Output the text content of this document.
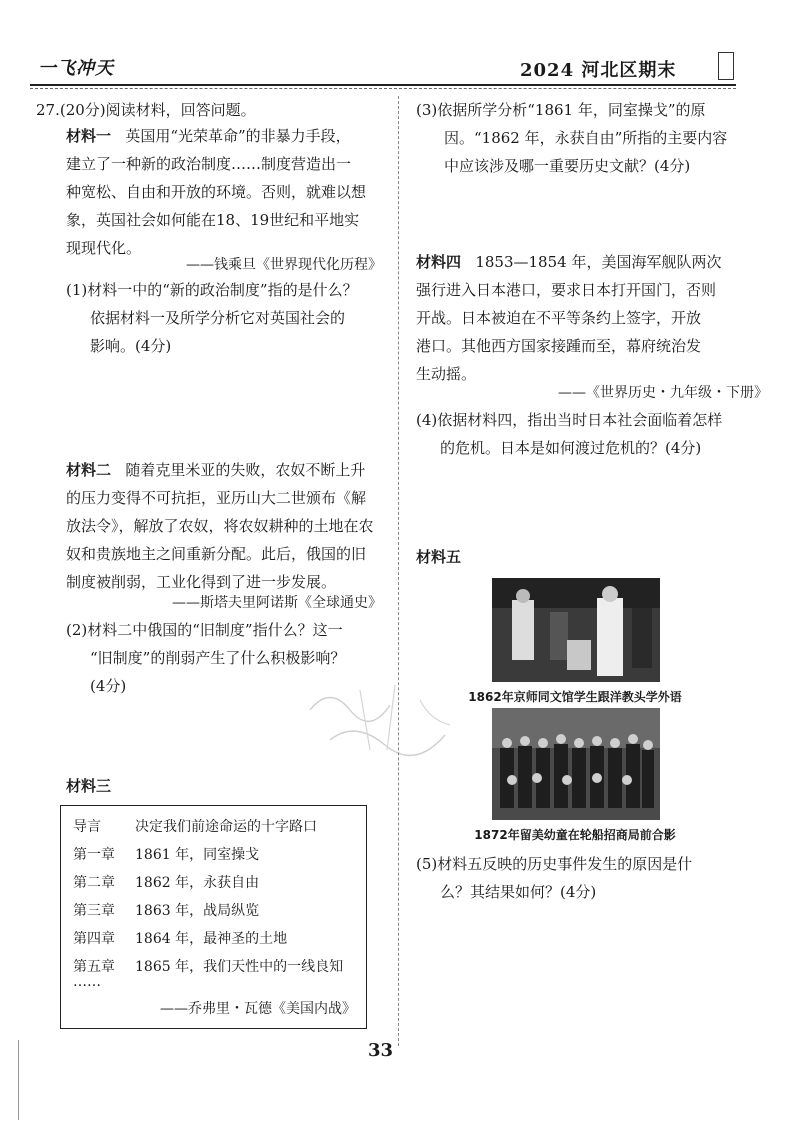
一飞冲天	2024 河北区期末
27.(20分)阅读材料，回答问题。
材料一 英国用“光荣革命”的非暴力手段，
建立了一种新的政治制度……制度营造出一
种宽松、自由和开放的环境。否则，就难以想
象，英国社会如何能在18、19世纪和平地实
现现代化。
——钱乘旦《世界现代化历程》
(1)材料一中的“新的政治制度”指的是什么？
依据材料一及所学分析它对英国社会的
影响。(4分)
材料二 随着克里米亚的失败，农奴不断上升
的压力变得不可抗拒，亚历山大二世颁布《解
放法令》，解放了农奴，将农奴耕种的土地在农
奴和贵族地主之间重新分配。此后，俄国的旧
制度被削弱，工业化得到了进一步发展。
——斯塔夫里阿诺斯《全球通史》
(2)材料二中俄国的“旧制度”指什么？这一
“旧制度”的削弱产生了什么积极影响？
(4分)
材料三
导言 决定我们前途命运的十字路口
第一章 1861 年，同室操戈
第二章 1862 年，永获自由
第三章 1863 年，战局纵览
第四章 1864 年，最神圣的土地
第五章 1865 年，我们天性中的一线良知
……
——乔弗里・瓦德《美国内战》
(3)依据所学分析“1861 年，同室操戈”的原
因。“1862 年，永获自由”所指的主要内容
中应该涉及哪一重要历史文献？(4分)
材料四 1853—1854 年，美国海军舰队两次
强行进入日本港口，要求日本打开国门，否则
开战。日本被迫在不平等条约上签字，开放
港口。其他西方国家接踵而至，幕府统治发
生动摇。
——《世界历史・九年级・下册》
(4)依据材料四，指出当时日本社会面临着怎样
的危机。日本是如何渡过危机的？(4分)
材料五
1862年京师同文馆学生跟洋教头学外语
1872年留美幼童在轮船招商局前合影
(5)材料五反映的历史事件发生的原因是什
么？其结果如何？(4分)
33
